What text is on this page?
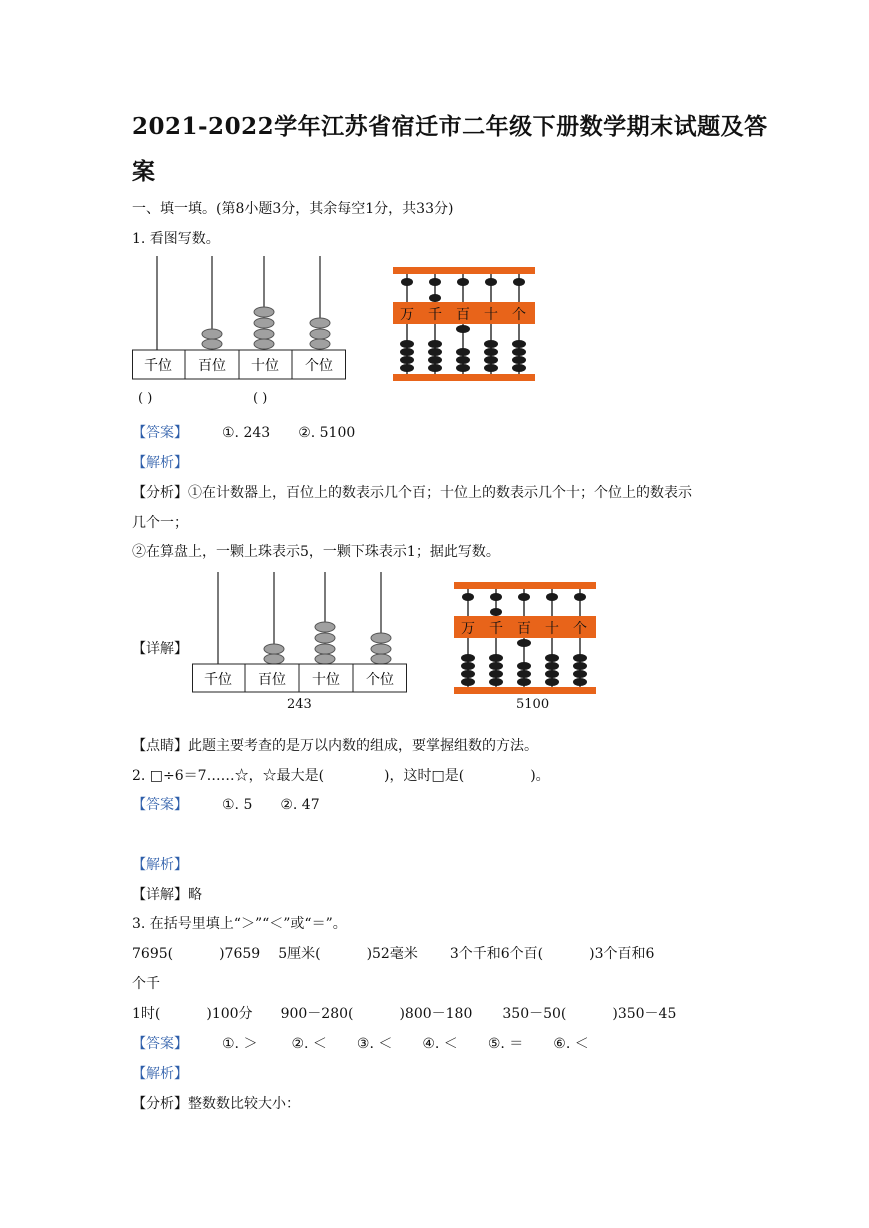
2021-2022学年江苏省宿迁市二年级下册数学期末试题及答
案
一、填一填。(第8小题3分，其余每空1分，共33分)
1. 看图写数。
千位 百位 十位 个位
万 千 百 十 个
( )	( )
【答案】 ①. 243 ②. 5100
【解析】
【分析】①在计数器上，百位上的数表示几个百；十位上的数表示几个十；个位上的数表示
几个一；
②在算盘上，一颗上珠表示5，一颗下珠表示1；据此写数。
【详解】
千位 百位 十位 个位
243
万 千 百 十 个
5100
【点睛】此题主要考查的是万以内数的组成，要掌握组数的方法。
2. □÷6＝7……☆，☆最大是(	)，这时□是(	)。
【答案】 ①. 5 ②. 47
【解析】
【详解】略
3. 在括号里填上“＞”“＜”或“＝”。
7695(	)7659 5厘米(	)52毫米 3个千和6个百(	)3个百和6
个千
1时(	)100分 900－280(	)800－180 350－50(	)350－45
【答案】 ①. ＞ ②. ＜ ③. ＜ ④. ＜ ⑤. ＝ ⑥. ＜
【解析】
【分析】整数数比较大小：
